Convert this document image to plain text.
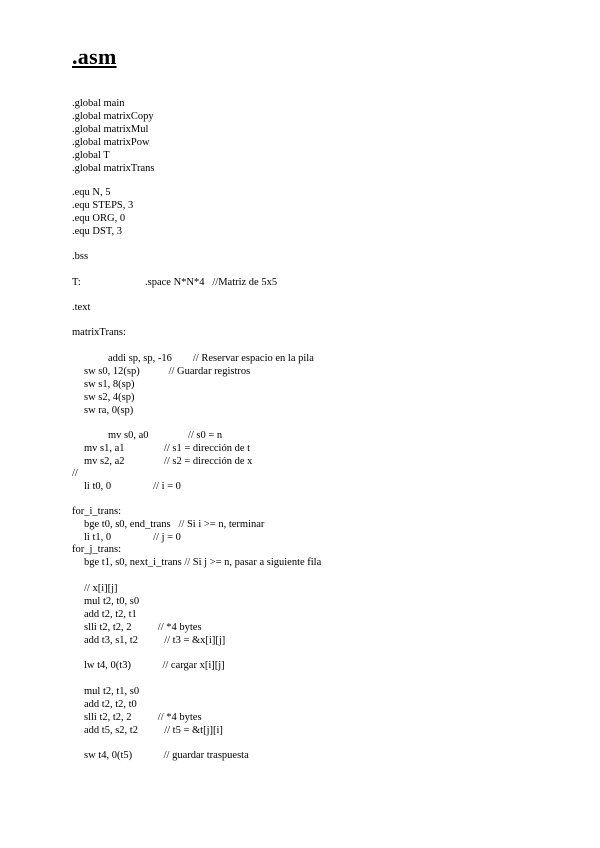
.asm

.global main

.global matrixCopy

.global matrixMul

.global matrixPow

.global T

.global matrixTrans

.equ N, 5

.equ STEPS, 3

.equ ORG, 0

.equ DST, 3

.bss

T:	.space N*N*4   //Matriz de 5x5

.text

matrixTrans:

addi sp, sp, -16        // Reservar espacio en la pila

sw s0, 12(sp)           // Guardar registros

sw s1, 8(sp)

sw s2, 4(sp)

sw ra, 0(sp)

mv s0, a0               // s0 = n

mv s1, a1               // s1 = dirección de t

mv s2, a2               // s2 = dirección de x

//

li t0, 0                // i = 0

for_i_trans:

bge t0, s0, end_trans   // Si i >= n, terminar

li t1, 0                // j = 0

for_j_trans:

bge t1, s0, next_i_trans // Si j >= n, pasar a siguiente fila

// x[i][j]

mul t2, t0, s0

add t2, t2, t1

slli t2, t2, 2          // *4 bytes

add t3, s1, t2          // t3 = &x[i][j]

lw t4, 0(t3)            // cargar x[i][j]

mul t2, t1, s0

add t2, t2, t0

slli t2, t2, 2          // *4 bytes

add t5, s2, t2          // t5 = &t[j][i]

sw t4, 0(t5)            // guardar traspuesta
